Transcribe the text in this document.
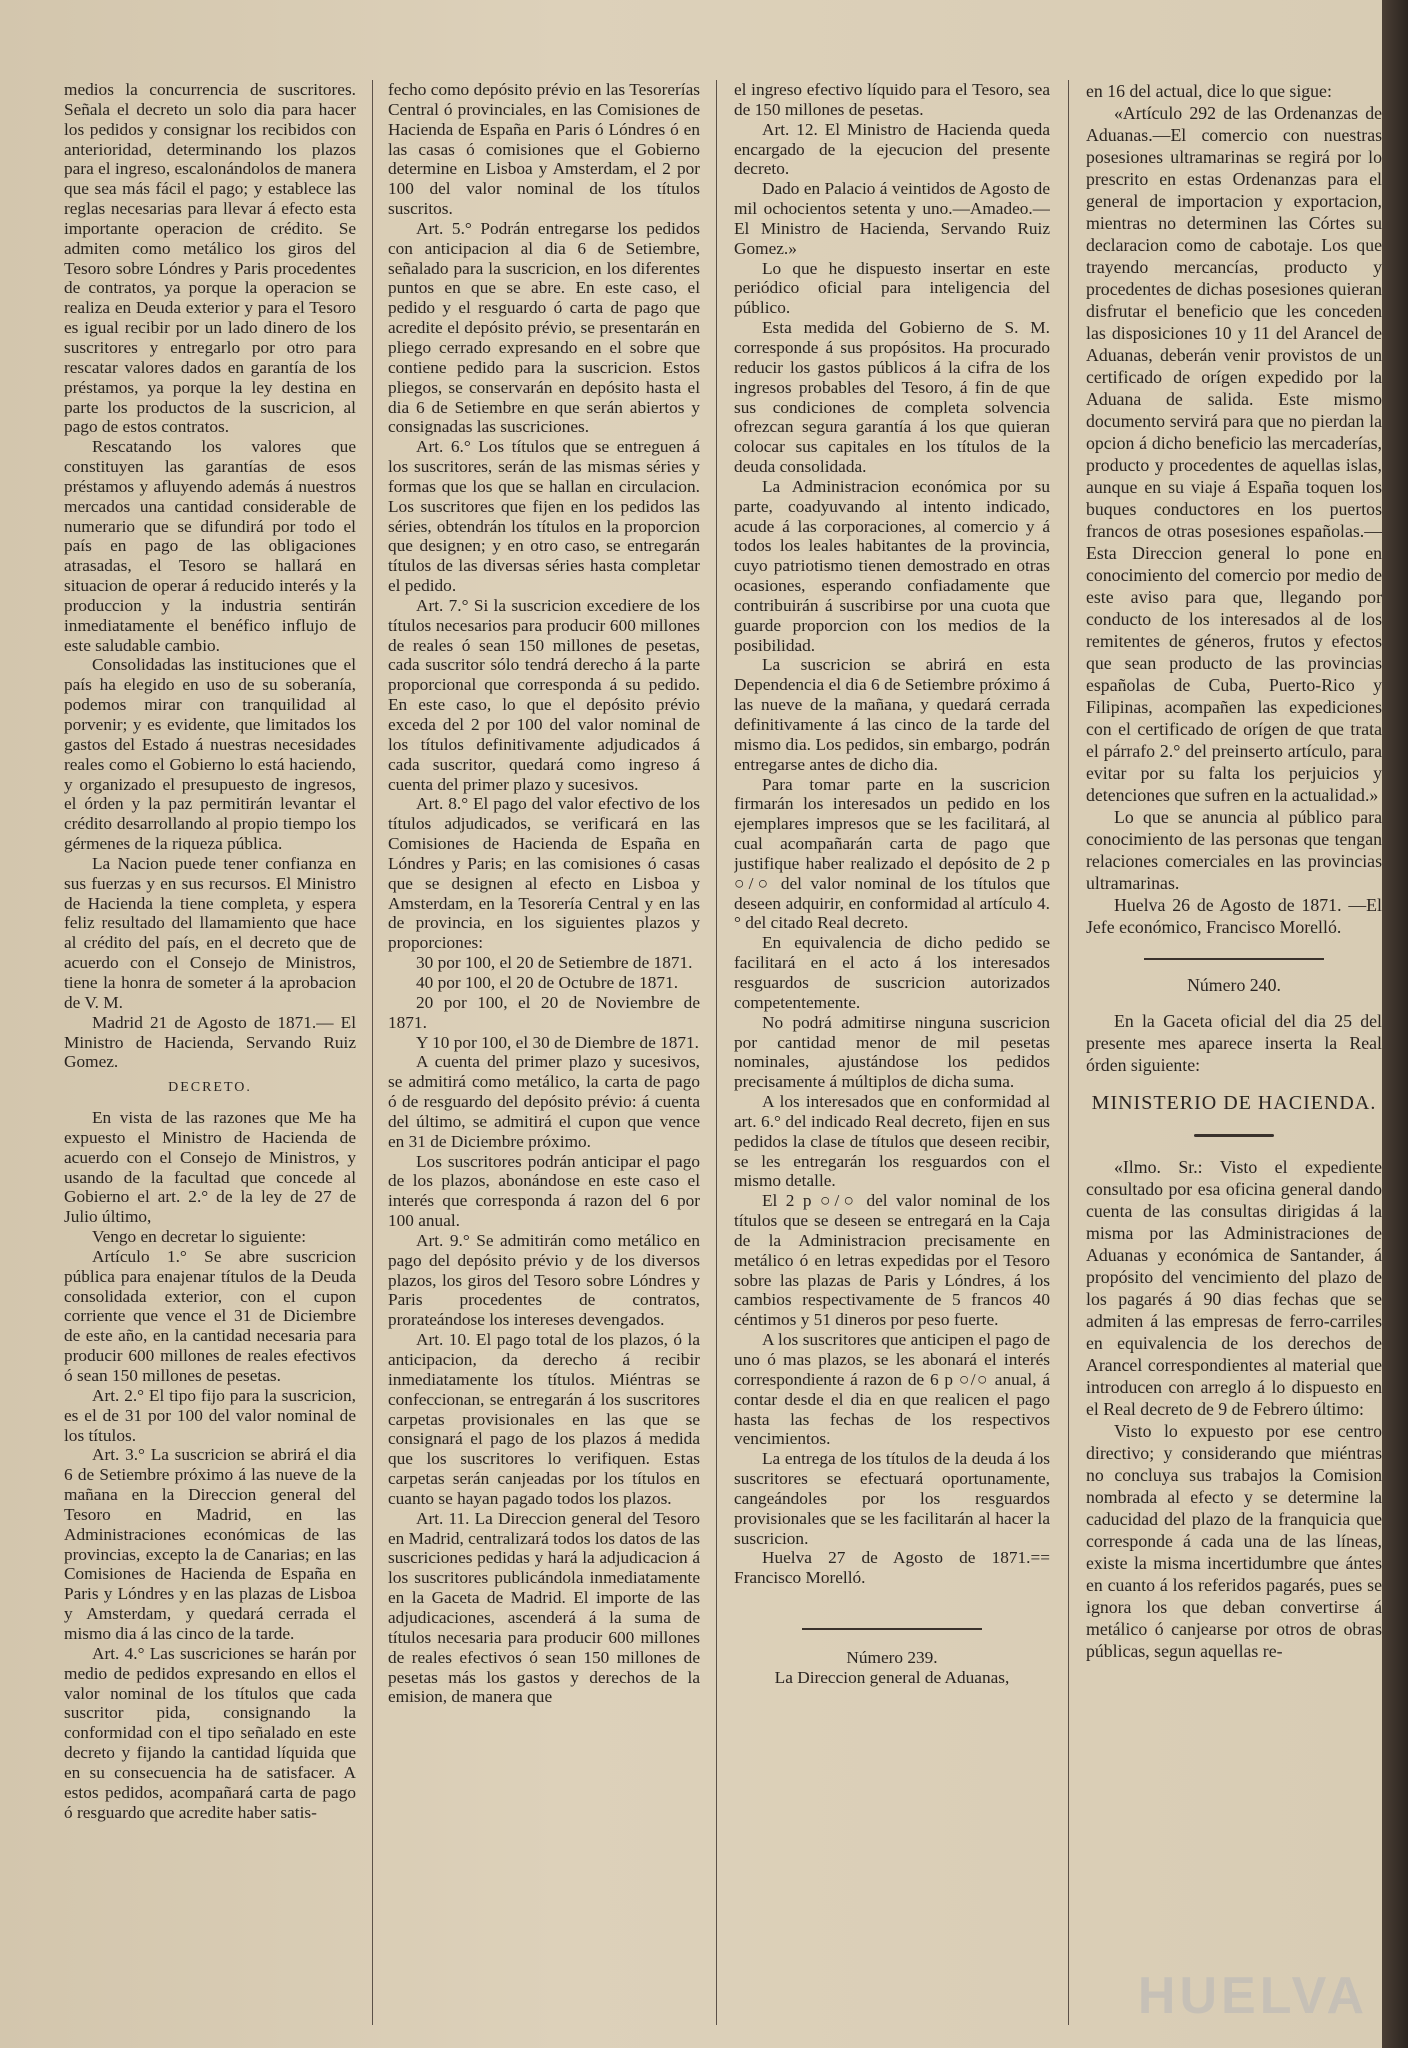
medios la concurrencia de suscritores. Señala el decreto un solo dia para hacer los pedidos y consignar los recibidos con anterioridad, determinando los plazos para el ingreso, escalonándolos de manera que sea más fácil el pago; y establece las reglas necesarias para llevar á efecto esta importante operacion de crédito. Se admiten como metálico los giros del Tesoro sobre Lóndres y Paris procedentes de contratos, ya porque la operacion se realiza en Deuda exterior y para el Tesoro es igual recibir por un lado dinero de los suscritores y entregarlo por otro para rescatar valores dados en garantía de los préstamos, ya porque la ley destina en parte los productos de la suscricion, al pago de estos contratos.

Rescatando los valores que constituyen las garantías de esos préstamos y afluyendo además á nuestros mercados una cantidad considerable de numerario que se difundirá por todo el país en pago de las obligaciones atrasadas, el Tesoro se hallará en situacion de operar á reducido interés y la produccion y la industria sentirán inmediatamente el benéfico influjo de este saludable cambio.

Consolidadas las instituciones que el país ha elegido en uso de su soberanía, podemos mirar con tranquilidad al porvenir; y es evidente, que limitados los gastos del Estado á nuestras necesidades reales como el Gobierno lo está haciendo, y organizado el presupuesto de ingresos, el órden y la paz permitirán levantar el crédito desarrollando al propio tiempo los gérmenes de la riqueza pública.

La Nacion puede tener confianza en sus fuerzas y en sus recursos. El Ministro de Hacienda la tiene completa, y espera feliz resultado del llamamiento que hace al crédito del país, en el decreto que de acuerdo con el Consejo de Ministros, tiene la honra de someter á la aprobacion de V. M.

Madrid 21 de Agosto de 1871.— El Ministro de Hacienda, Servando Ruiz Gomez.

DECRETO.

En vista de las razones que Me ha expuesto el Ministro de Hacienda de acuerdo con el Consejo de Ministros, y usando de la facultad que concede al Gobierno el art. 2.° de la ley de 27 de Julio último,

Vengo en decretar lo siguiente:

Artículo 1.° Se abre suscricion pública para enajenar títulos de la Deuda consolidada exterior, con el cupon corriente que vence el 31 de Diciembre de este año, en la cantidad necesaria para producir 600 millones de reales efectivos ó sean 150 millones de pesetas.

Art. 2.° El tipo fijo para la suscricion, es el de 31 por 100 del valor nominal de los títulos.

Art. 3.° La suscricion se abrirá el dia 6 de Setiembre próximo á las nueve de la mañana en la Direccion general del Tesoro en Madrid, en las Administraciones económicas de las provincias, excepto la de Canarias; en las Comisiones de Hacienda de España en Paris y Lóndres y en las plazas de Lisboa y Amsterdam, y quedará cerrada el mismo dia á las cinco de la tarde.

Art. 4.° Las suscriciones se harán por medio de pedidos expresando en ellos el valor nominal de los títulos que cada suscritor pida, consignando la conformidad con el tipo señalado en este decreto y fijando la cantidad líquida que en su consecuencia ha de satisfacer. A estos pedidos, acompañará carta de pago ó resguardo que acredite haber satis-

fecho como depósito prévio en las Tesorerías Central ó provinciales, en las Comisiones de Hacienda de España en Paris ó Lóndres ó en las casas ó comisiones que el Gobierno determine en Lisboa y Amsterdam, el 2 por 100 del valor nominal de los títulos suscritos.

Art. 5.° Podrán entregarse los pedidos con anticipacion al dia 6 de Setiembre, señalado para la suscricion, en los diferentes puntos en que se abre. En este caso, el pedido y el resguardo ó carta de pago que acredite el depósito prévio, se presentarán en pliego cerrado expresando en el sobre que contiene pedido para la suscricion. Estos pliegos, se conservarán en depósito hasta el dia 6 de Setiembre en que serán abiertos y consignadas las suscriciones.

Art. 6.° Los títulos que se entreguen á los suscritores, serán de las mismas séries y formas que los que se hallan en circulacion. Los suscritores que fijen en los pedidos las séries, obtendrán los títulos en la proporcion que designen; y en otro caso, se entregarán títulos de las diversas séries hasta completar el pedido.

Art. 7.° Si la suscricion excediere de los títulos necesarios para producir 600 millones de reales ó sean 150 millones de pesetas, cada suscritor sólo tendrá derecho á la parte proporcional que corresponda á su pedido. En este caso, lo que el depósito prévio exceda del 2 por 100 del valor nominal de los títulos definitivamente adjudicados á cada suscritor, quedará como ingreso á cuenta del primer plazo y sucesivos.

Art. 8.° El pago del valor efectivo de los títulos adjudicados, se verificará en las Comisiones de Hacienda de España en Lóndres y Paris; en las comisiones ó casas que se designen al efecto en Lisboa y Amsterdam, en la Tesorería Central y en las de provincia, en los siguientes plazos y proporciones:

30 por 100, el 20 de Setiembre de 1871.

40 por 100, el 20 de Octubre de 1871.

20 por 100, el 20 de Noviembre de 1871.

Y 10 por 100, el 30 de Diembre de 1871.

A cuenta del primer plazo y sucesivos, se admitirá como metálico, la carta de pago ó de resguardo del depósito prévio: á cuenta del último, se admitirá el cupon que vence en 31 de Diciembre próximo.

Los suscritores podrán anticipar el pago de los plazos, abonándose en este caso el interés que corresponda á razon del 6 por 100 anual.

Art. 9.° Se admitirán como metálico en pago del depósito prévio y de los diversos plazos, los giros del Tesoro sobre Lóndres y Paris procedentes de contratos, prorateándose los intereses devengados.

Art. 10. El pago total de los plazos, ó la anticipacion, da derecho á recibir inmediatamente los títulos. Miéntras se confeccionan, se entregarán á los suscritores carpetas provisionales en las que se consignará el pago de los plazos á medida que los suscritores lo verifiquen. Estas carpetas serán canjeadas por los títulos en cuanto se hayan pagado todos los plazos.

Art. 11. La Direccion general del Tesoro en Madrid, centralizará todos los datos de las suscriciones pedidas y hará la adjudicacion á los suscritores publicándola inmediatamente en la Gaceta de Madrid. El importe de las adjudicaciones, ascenderá á la suma de títulos necesaria para producir 600 millones de reales efectivos ó sean 150 millones de pesetas más los gastos y derechos de la emision, de manera que

el ingreso efectivo líquido para el Tesoro, sea de 150 millones de pesetas.

Art. 12. El Ministro de Hacienda queda encargado de la ejecucion del presente decreto.

Dado en Palacio á veintidos de Agosto de mil ochocientos setenta y uno.—Amadeo.—El Ministro de Hacienda, Servando Ruiz Gomez.»

Lo que he dispuesto insertar en este periódico oficial para inteligencia del público.

Esta medida del Gobierno de S. M. corresponde á sus propósitos. Ha procurado reducir los gastos públicos á la cifra de los ingresos probables del Tesoro, á fin de que sus condiciones de completa solvencia ofrezcan segura garantía á los que quieran colocar sus capitales en los títulos de la deuda consolidada.

La Administracion económica por su parte, coadyuvando al intento indicado, acude á las corporaciones, al comercio y á todos los leales habitantes de la provincia, cuyo patriotismo tienen demostrado en otras ocasiones, esperando confiadamente que contribuirán á suscribirse por una cuota que guarde proporcion con los medios de la posibilidad.

La suscricion se abrirá en esta Dependencia el dia 6 de Setiembre próximo á las nueve de la mañana, y quedará cerrada definitivamente á las cinco de la tarde del mismo dia. Los pedidos, sin embargo, podrán entregarse antes de dicho dia.

Para tomar parte en la suscricion firmarán los interesados un pedido en los ejemplares impresos que se les facilitará, al cual acompañarán carta de pago que justifique haber realizado el depósito de 2 p ○/○ del valor nominal de los títulos que deseen adquirir, en conformidad al artículo 4.° del citado Real decreto.

En equivalencia de dicho pedido se facilitará en el acto á los interesados resguardos de suscricion autorizados competentemente.

No podrá admitirse ninguna suscricion por cantidad menor de mil pesetas nominales, ajustándose los pedidos precisamente á múltiplos de dicha suma.

A los interesados que en conformidad al art. 6.° del indicado Real decreto, fijen en sus pedidos la clase de títulos que deseen recibir, se les entregarán los resguardos con el mismo detalle.

El 2 p ○/○ del valor nominal de los títulos que se deseen se entregará en la Caja de la Administracion precisamente en metálico ó en letras expedidas por el Tesoro sobre las plazas de Paris y Lóndres, á los cambios respectivamente de 5 francos 40 céntimos y 51 dineros por peso fuerte.

A los suscritores que anticipen el pago de uno ó mas plazos, se les abonará el interés correspondiente á razon de 6 p ○/○ anual, á contar desde el dia en que realicen el pago hasta las fechas de los respectivos vencimientos.

La entrega de los títulos de la deuda á los suscritores se efectuará oportunamente, cangeándoles por los resguardos provisionales que se les facilitarán al hacer la suscricion.

Huelva 27 de Agosto de 1871.== Francisco Morelló.

Número 239.

La Direccion general de Aduanas,

en 16 del actual, dice lo que sigue:

«Artículo 292 de las Ordenanzas de Aduanas.—El comercio con nuestras posesiones ultramarinas se regirá por lo prescrito en estas Ordenanzas para el general de importacion y exportacion, mientras no determinen las Córtes su declaracion como de cabotaje. Los que trayendo mercancías, producto y procedentes de dichas posesiones quieran disfrutar el beneficio que les conceden las disposiciones 10 y 11 del Arancel de Aduanas, deberán venir provistos de un certificado de orígen expedido por la Aduana de salida. Este mismo documento servirá para que no pierdan la opcion á dicho beneficio las mercaderías, producto y procedentes de aquellas islas, aunque en su viaje á España toquen los buques conductores en los puertos francos de otras posesiones españolas.—Esta Direccion general lo pone en conocimiento del comercio por medio de este aviso para que, llegando por conducto de los interesados al de los remitentes de géneros, frutos y efectos que sean producto de las provincias españolas de Cuba, Puerto-Rico y Filipinas, acompañen las expediciones con el certificado de orígen de que trata el párrafo 2.° del preinserto artículo, para evitar por su falta los perjuicios y detenciones que sufren en la actualidad.»

Lo que se anuncia al público para conocimiento de las personas que tengan relaciones comerciales en las provincias ultramarinas.

Huelva 26 de Agosto de 1871. —El Jefe económico, Francisco Morelló.

Número 240.

En la Gaceta oficial del dia 25 del presente mes aparece inserta la Real órden siguiente:

MINISTERIO DE HACIENDA.

«Ilmo. Sr.: Visto el expediente consultado por esa oficina general dando cuenta de las consultas dirigidas á la misma por las Administraciones de Aduanas y económica de Santander, á propósito del vencimiento del plazo de los pagarés á 90 dias fechas que se admiten á las empresas de ferro-carriles en equivalencia de los derechos de Arancel correspondientes al material que introducen con arreglo á lo dispuesto en el Real decreto de 9 de Febrero último:

Visto lo expuesto por ese centro directivo; y considerando que miéntras no concluya sus trabajos la Comision nombrada al efecto y se determine la caducidad del plazo de la franquicia que corresponde á cada una de las líneas, existe la misma incertidumbre que ántes en cuanto á los referidos pagarés, pues se ignora los que deban convertirse á metálico ó canjearse por otros de obras públicas, segun aquellas re-

HUELVA
